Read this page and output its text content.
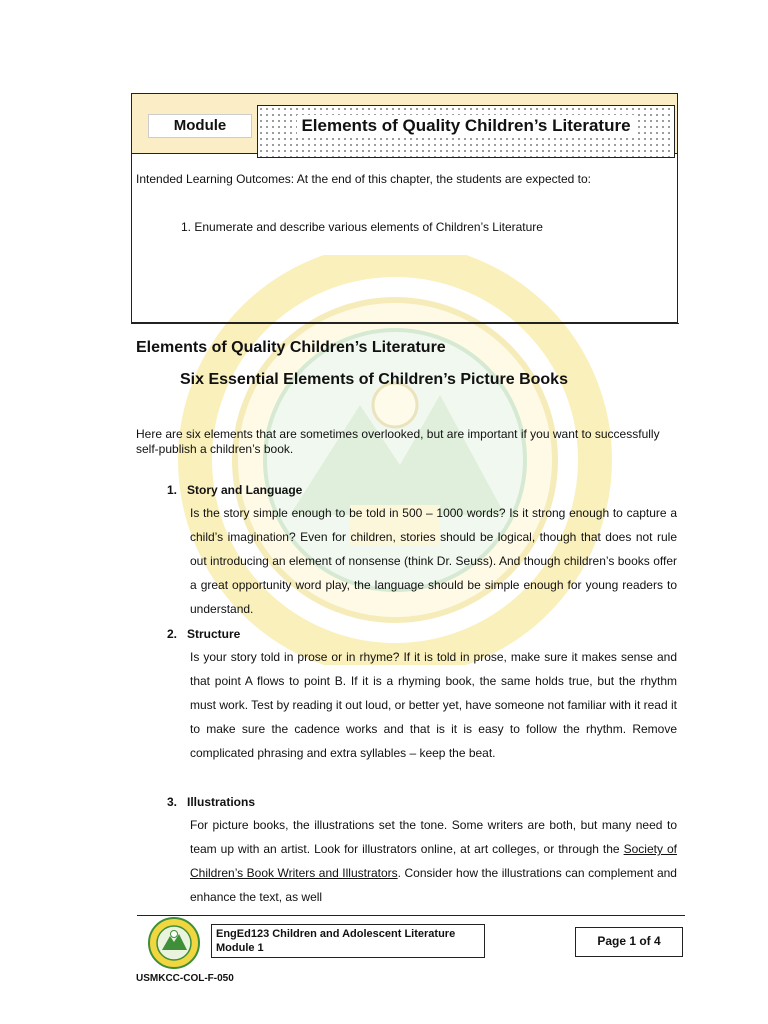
Module	Elements of Quality Children’s Literature
Intended Learning Outcomes: At the end of this chapter, the students are expected to:
1. Enumerate and describe various elements of Children’s Literature
Elements of Quality Children’s Literature
Six Essential Elements of Children’s Picture Books
Here are six elements that are sometimes overlooked, but are important if you want to successfully self-publish a children’s book.
1. Story and Language
Is the story simple enough to be told in 500 – 1000 words? Is it strong enough to capture a child’s imagination? Even for children, stories should be logical, though that does not rule out introducing an element of nonsense (think Dr. Seuss). And though children’s books offer a great opportunity word play, the language should be simple enough for young readers to understand.
2. Structure
Is your story told in prose or in rhyme? If it is told in prose, make sure it makes sense and that point A flows to point B. If it is a rhyming book, the same holds true, but the rhythm must work. Test by reading it out loud, or better yet, have someone not familiar with it read it to make sure the cadence works and that is it is easy to follow the rhythm. Remove complicated phrasing and extra syllables – keep the beat.
3. Illustrations
For picture books, the illustrations set the tone. Some writers are both, but many need to team up with an artist. Look for illustrators online, at art colleges, or through the Society of Children’s Book Writers and Illustrators. Consider how the illustrations can complement and enhance the text, as well
EngEd123 Children and Adolescent Literature
Module 1	Page 1 of 4
USMKCC-COL-F-050
